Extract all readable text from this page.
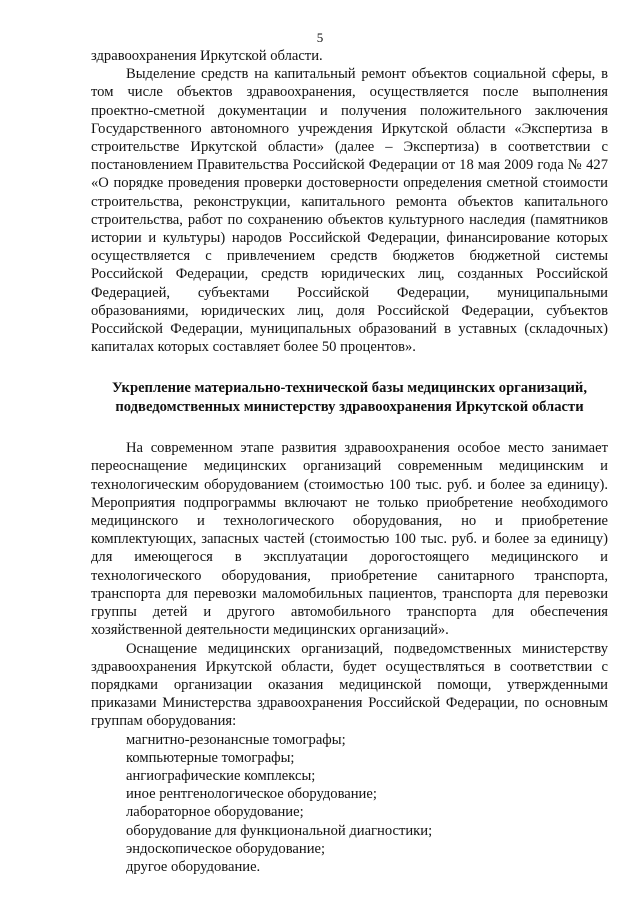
5

здравоохранения Иркутской области.

Выделение средств на капитальный ремонт объектов социальной сферы, в том числе объектов здравоохранения, осуществляется после выполнения проектно-сметной документации и получения положительного заключения Государственного автономного учреждения Иркутской области «Экспертиза в строительстве Иркутской области» (далее – Экспертиза) в соответствии с постановлением Правительства Российской Федерации от 18 мая 2009 года № 427 «О порядке проведения проверки достоверности определения сметной стоимости строительства, реконструкции, капитального ремонта объектов капитального строительства, работ по сохранению объектов культурного наследия (памятников истории и культуры) народов Российской Федерации, финансирование которых осуществляется с привлечением средств бюджетов бюджетной системы Российской Федерации, средств юридических лиц, созданных Российской Федерацией, субъектами Российской Федерации, муниципальными образованиями, юридических лиц, доля Российской Федерации, субъектов Российской Федерации, муниципальных образований в уставных (складочных) капиталах которых составляет более 50 процентов».

Укрепление материально-технической базы медицинских организаций,
подведомственных министерству здравоохранения Иркутской области

На современном этапе развития здравоохранения особое место занимает переоснащение медицинских организаций современным медицинским и технологическим оборудованием (стоимостью 100 тыс. руб. и более за единицу). Мероприятия подпрограммы включают не только приобретение необходимого медицинского и технологического оборудования, но и приобретение комплектующих, запасных частей (стоимостью 100 тыс. руб. и более за единицу) для имеющегося в эксплуатации дорогостоящего медицинского и технологического оборудования, приобретение санитарного транспорта, транспорта для перевозки маломобильных пациентов, транспорта для перевозки группы детей и другого автомобильного транспорта для обеспечения хозяйственной деятельности медицинских организаций».

Оснащение медицинских организаций, подведомственных министерству здравоохранения Иркутской области, будет осуществляться в соответствии с порядками организации оказания медицинской помощи, утвержденными приказами Министерства здравоохранения Российской Федерации, по основным группам оборудования:

магнитно-резонансные томографы;
компьютерные томографы;
ангиографические комплексы;
иное рентгенологическое оборудование;
лабораторное оборудование;
оборудование для функциональной диагностики;
эндоскопическое оборудование;
другое оборудование.
